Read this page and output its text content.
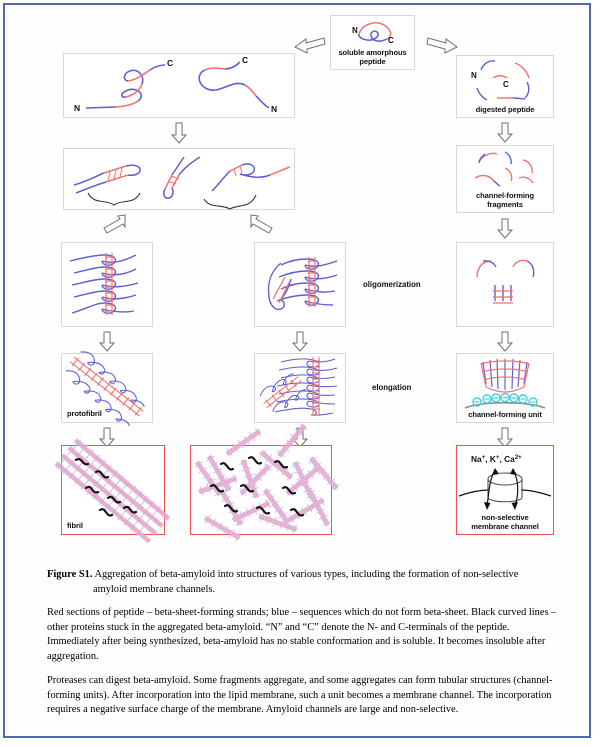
N
C
soluble amorphous
peptide
N
C
N
C
oligomerization
N
C
digested peptide
channel-forming
fragments
protofibril
elongation
channel-forming unit
fibril
Na+, K+, $Ca^{2+}$
non-selective
membrane channel
Figure S1. Aggregation of beta-amyloid into structures of various types, including the formation of non-selective
amyloid membrane channels.
Red sections of peptide – beta-sheet-forming strands; blue – sequences which do not form beta-sheet. Black curved lines – other proteins stuck in the aggregated beta-amyloid. “N” and “C” denote the N- and C-terminals of the peptide. Immediately after being synthesized, beta-amyloid has no stable conformation and is soluble. It becomes insoluble after aggregation.
Proteases can digest beta-amyloid. Some fragments aggregate, and some aggregates can form tubular structures (channel-forming units). After incorporation into the lipid membrane, such a unit becomes a membrane channel. The incorporation requires a negative surface charge of the membrane. Amyloid channels are large and non-selective.
